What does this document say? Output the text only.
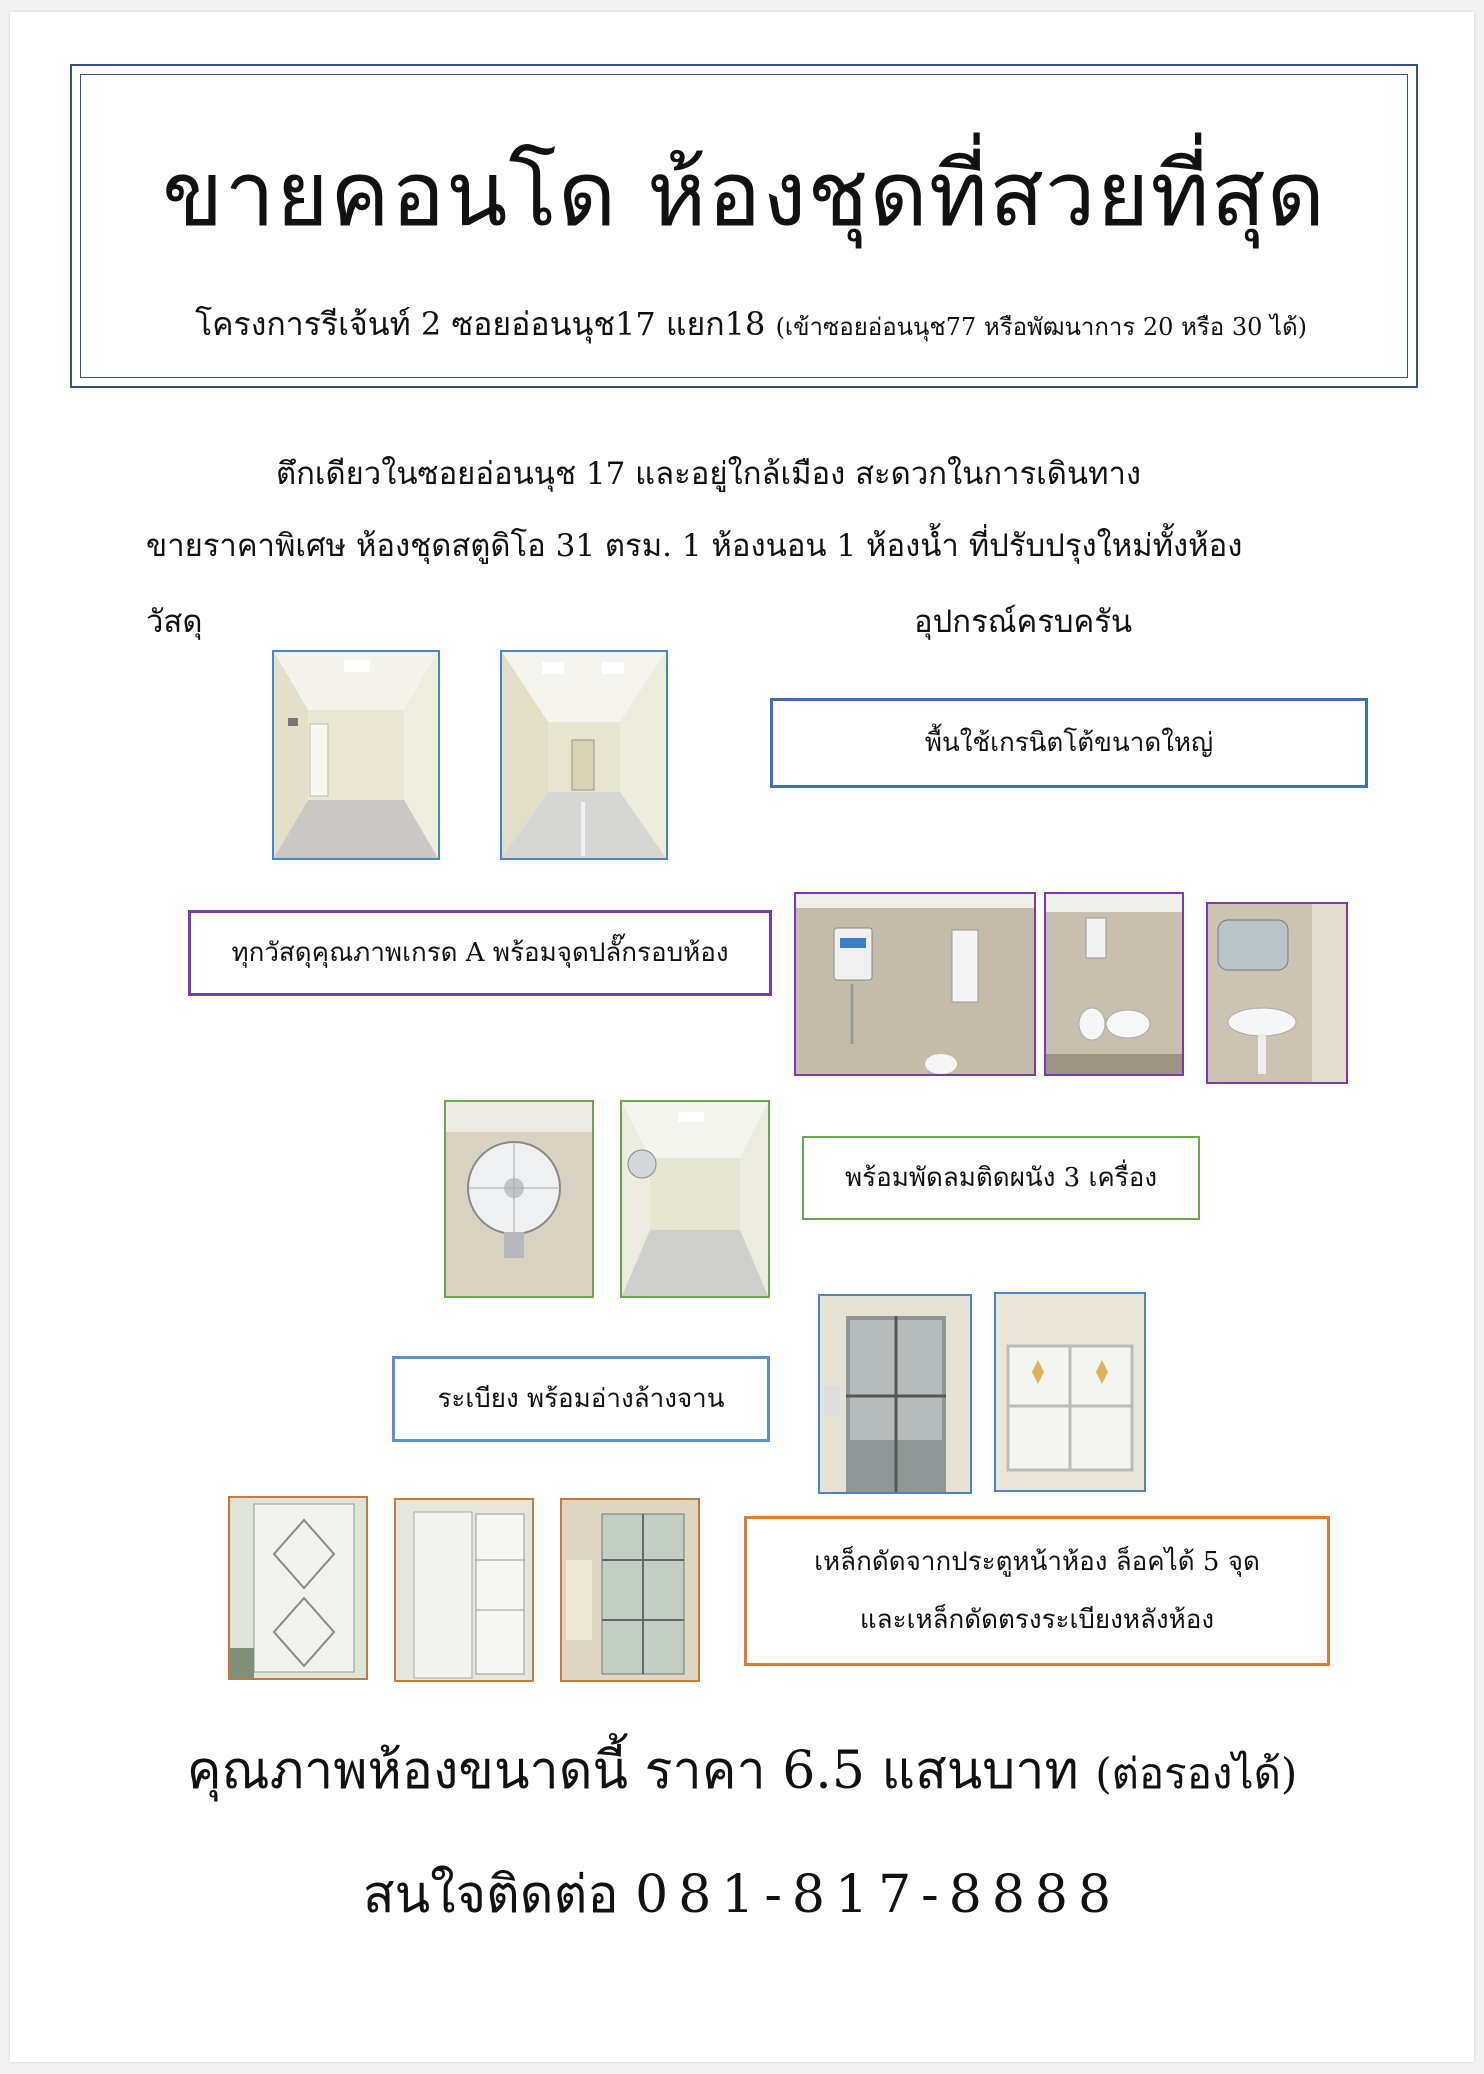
ขายคอนโด ห้องชุดที่สวยที่สุด
โครงการรีเจ้นท์ 2 ซอยอ่อนนุช17 แยก18 (เข้าซอยอ่อนนุช77 หรือพัฒนาการ 20 หรือ 30 ได้)
ตึกเดียวในซอยอ่อนนุช 17 และอยู่ใกล้เมือง สะดวกในการเดินทาง
ขายราคาพิเศษ ห้องชุดสตูดิโอ 31 ตรม. 1 ห้องนอน 1 ห้องน้ำ ที่ปรับปรุงใหม่ทั้งห้อง
วัสดุ	อุปกรณ์ครบครัน
พื้นใช้เกรนิตโต้ขนาดใหญ่
ทุกวัสดุคุณภาพเกรด A พร้อมจุดปลั๊กรอบห้อง
พร้อมพัดลมติดผนัง 3 เครื่อง
ระเบียง พร้อมอ่างล้างจาน
เหล็กดัดจากประตูหน้าห้อง ล็อคได้ 5 จุด
และเหล็กดัดตรงระเบียงหลังห้อง
คุณภาพห้องขนาดนี้ ราคา 6.5 แสนบาท (ต่อรองได้)
สนใจติดต่อ 081-817-8888
